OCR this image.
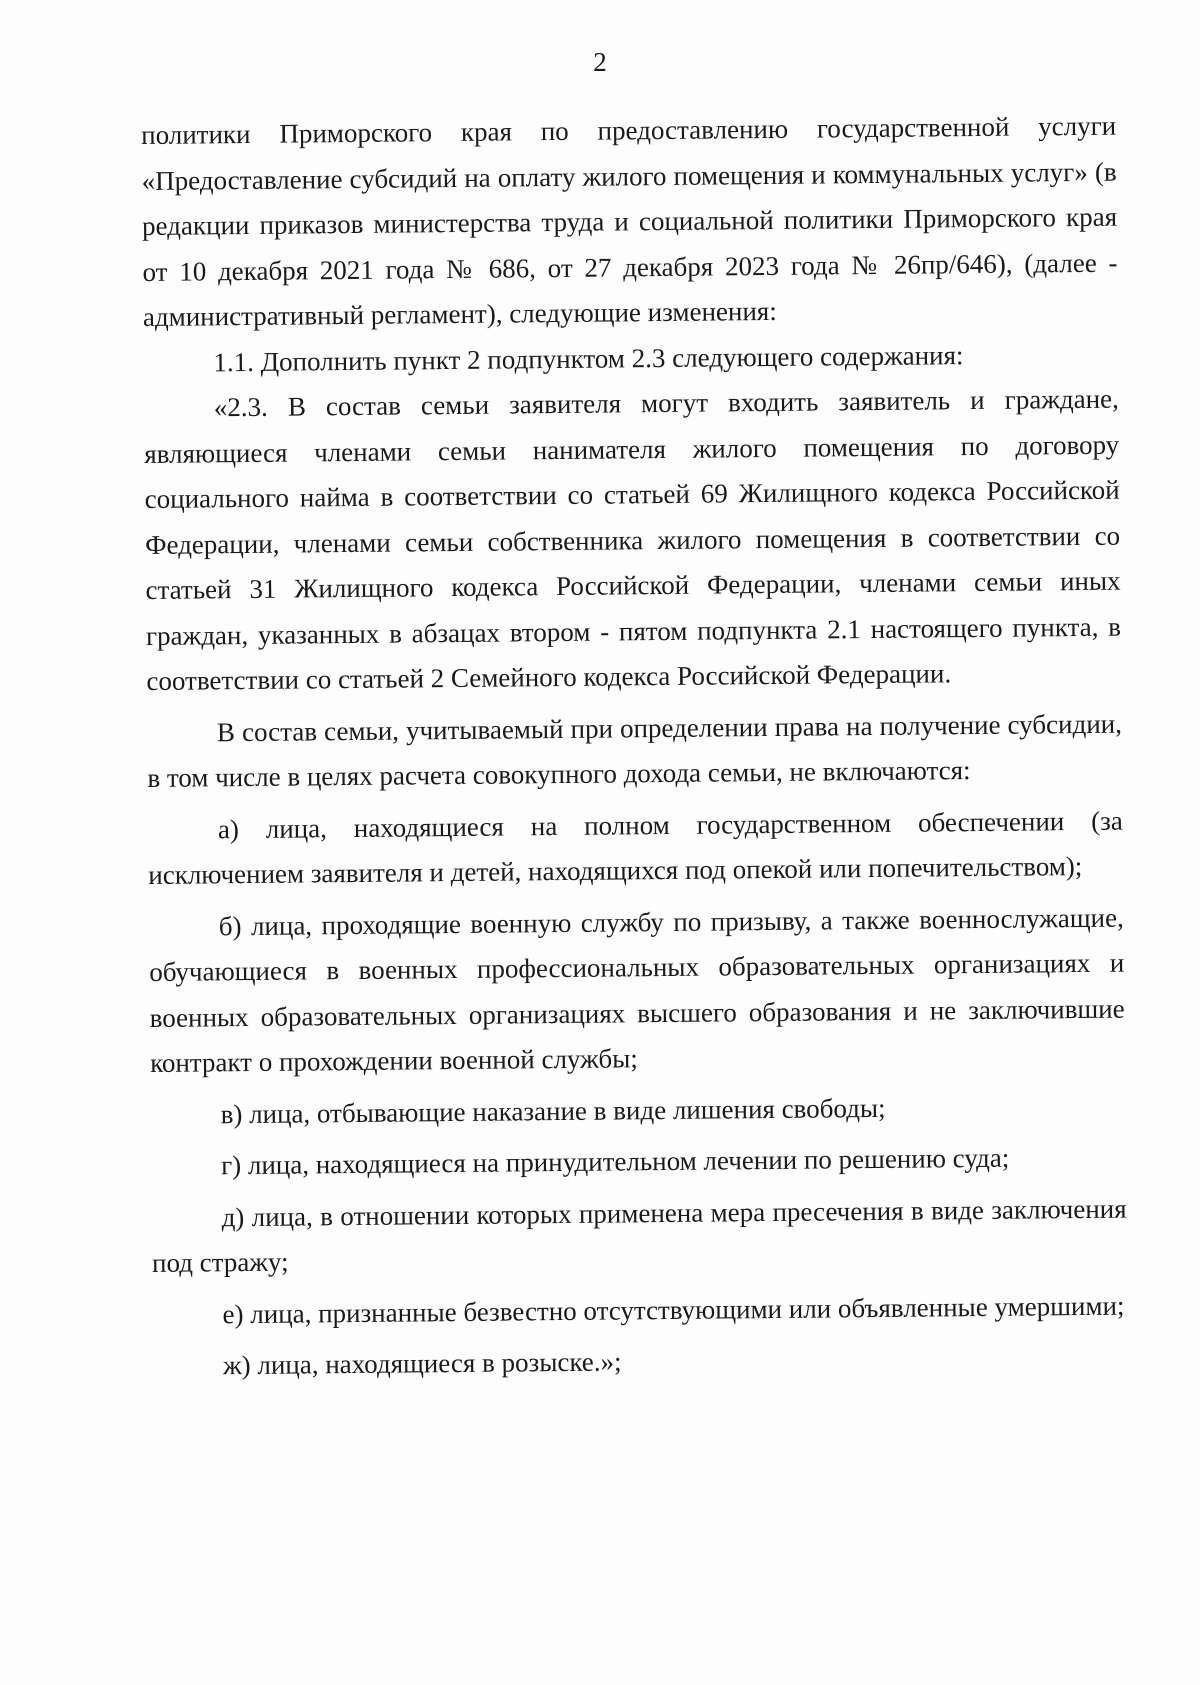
2

политики Приморского края по предоставлению государственной услуги «Предоставление субсидий на оплату жилого помещения и коммунальных услуг» (в редакции приказов министерства труда и социальной политики Приморского края от 10 декабря 2021 года № 686, от 27 декабря 2023 года № 26пр/646), (далее - административный регламент), следующие изменения:

1.1. Дополнить пункт 2 подпунктом 2.3 следующего содержания:

«2.3. В состав семьи заявителя могут входить заявитель и граждане, являющиеся членами семьи нанимателя жилого помещения по договору социального найма в соответствии со статьей 69 Жилищного кодекса Российской Федерации, членами семьи собственника жилого помещения в соответствии со статьей 31 Жилищного кодекса Российской Федерации, членами семьи иных граждан, указанных в абзацах втором - пятом подпункта 2.1 настоящего пункта, в соответствии со статьей 2 Семейного кодекса Российской Федерации.

В состав семьи, учитываемый при определении права на получение субсидии, в том числе в целях расчета совокупного дохода семьи, не включаются:

а) лица, находящиеся на полном государственном обеспечении (за исключением заявителя и детей, находящихся под опекой или попечительством);

б) лица, проходящие военную службу по призыву, а также военнослужащие, обучающиеся в военных профессиональных образовательных организациях и военных образовательных организациях высшего образования и не заключившие контракт о прохождении военной службы;

в) лица, отбывающие наказание в виде лишения свободы;

г) лица, находящиеся на принудительном лечении по решению суда;

д) лица, в отношении которых применена мера пресечения в виде заключения под стражу;

е) лица, признанные безвестно отсутствующими или объявленные умершими;

ж) лица, находящиеся в розыске.»;
